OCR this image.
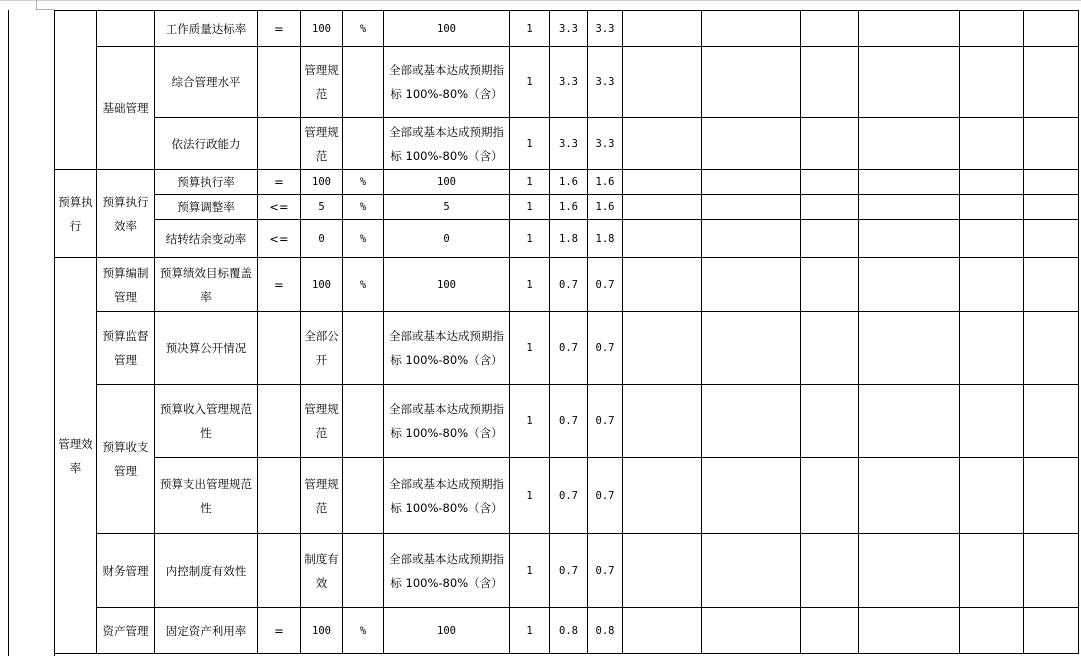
		工作质量达标率	=	100	%	100	1	3.3	3.3						
	基础管理	综合管理水平		管理规范		全部或基本达成预期指标 100%-80%（含）	1	3.3	3.3						
		依法行政能力		管理规范		全部或基本达成预期指标 100%-80%（含）	1	3.3	3.3						
预算执行	预算执行效率	预算执行率	=	100	%	100	1	1.6	1.6						
		预算调整率	<=	5	%	5	1	1.6	1.6						
		结转结余变动率	<=	0	%	0	1	1.8	1.8						
管理效率	预算编制管理	预算绩效目标覆盖率	=	100	%	100	1	0.7	0.7						
	预算监督管理	预决算公开情况		全部公开		全部或基本达成预期指标 100%-80%（含）	1	0.7	0.7						
	预算收支管理	预算收入管理规范性		管理规范		全部或基本达成预期指标 100%-80%（含）	1	0.7	0.7						
		预算支出管理规范性		管理规范		全部或基本达成预期指标 100%-80%（含）	1	0.7	0.7						
	财务管理	内控制度有效性		制度有效		全部或基本达成预期指标 100%-80%（含）	1	0.7	0.7						
	资产管理	固定资产利用率	=	100	%	100	1	0.8	0.8						
